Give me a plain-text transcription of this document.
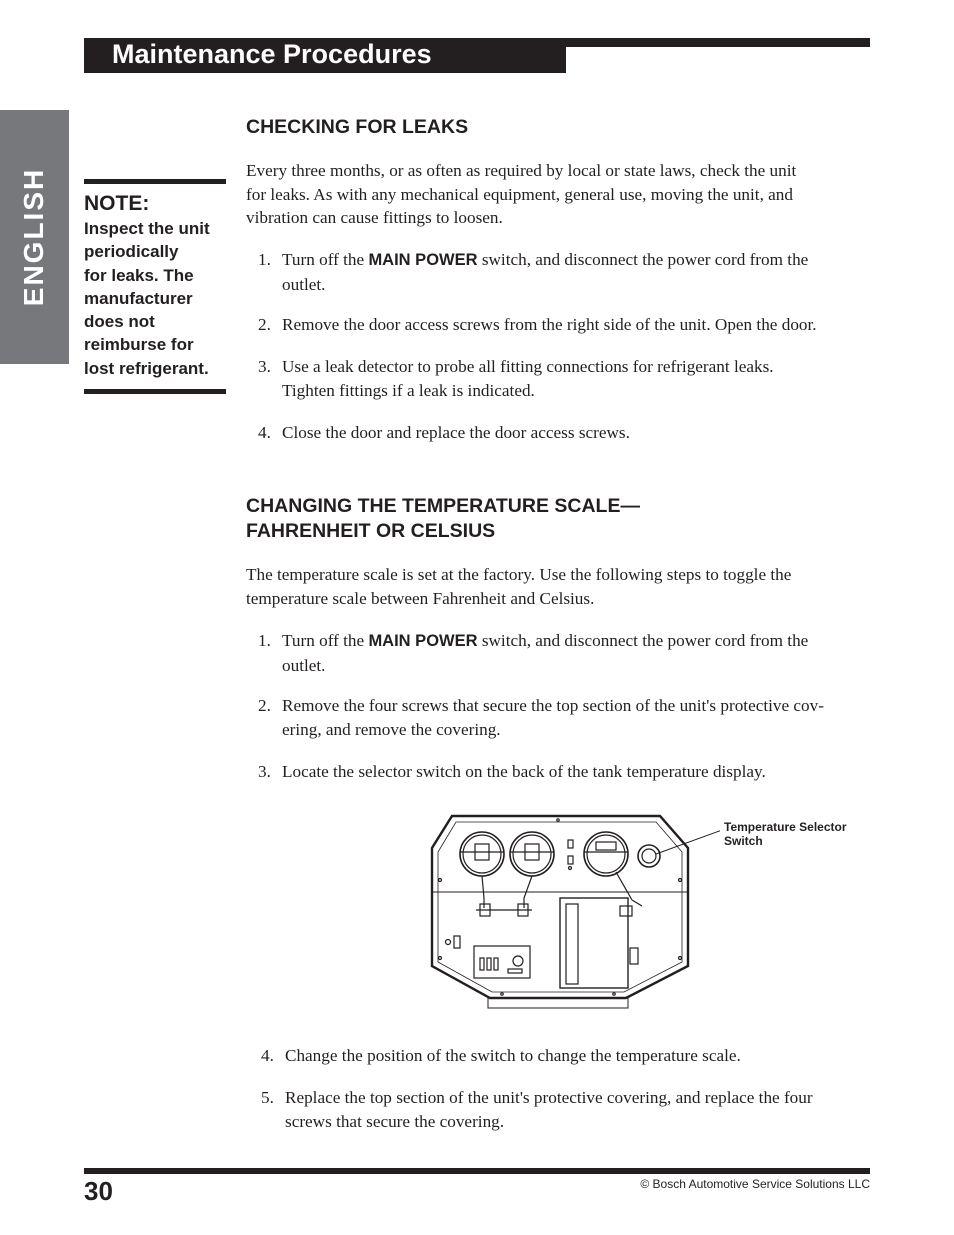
Maintenance Procedures
ENGLISH NOTE:
Inspect the unit
periodically
for leaks. The
manufacturer
does not
reimburse for
lost refrigerant.
CHECKING FOR LEAKS
Every three months, or as often as required by local or state laws, check the unit
for leaks. As with any mechanical equipment, general use, moving the unit, and
vibration can cause fittings to loosen.
1. Turn off the MAIN POWER switch, and disconnect the power cord from the
outlet.
2. Remove the door access screws from the right side of the unit. Open the door.
3. Use a leak detector to probe all fitting connections for refrigerant leaks.
Tighten fittings if a leak is indicated.
4. Close the door and replace the door access screws.
CHANGING THE TEMPERATURE SCALE—
FAHRENHEIT OR CELSIUS
The temperature scale is set at the factory. Use the following steps to toggle the
temperature scale between Fahrenheit and Celsius.
1. Turn off the MAIN POWER switch, and disconnect the power cord from the
outlet.
2. Remove the four screws that secure the top section of the unit's protective cov-
ering, and remove the covering.
3. Locate the selector switch on the back of the tank temperature display.
Temperature Selector
Switch
4. Change the position of the switch to change the temperature scale.
5. Replace the top section of the unit's protective covering, and replace the four
screws that secure the covering.
30	© Bosch Automotive Service Solutions LLC
